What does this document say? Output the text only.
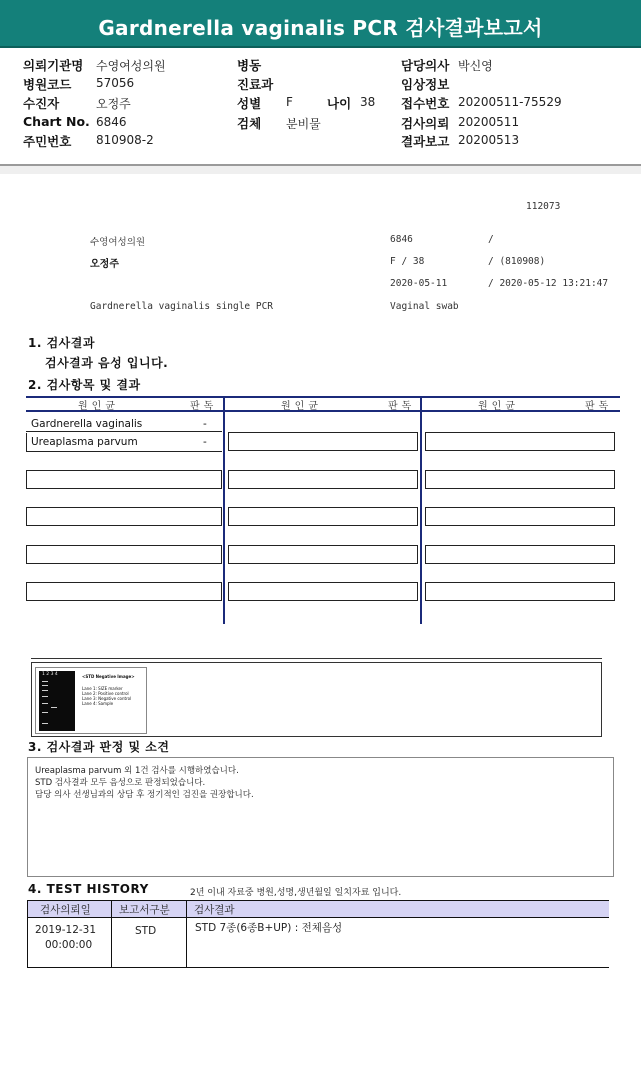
Gardnerella vaginalis PCR 검사결과보고서
의뢰기관명 수영여성의원
병원코드 57056
수진자	오정주
Chart No. 6846
주민번호 810908-2
병동
진료과
성별 F	나이 38
검체 분비물
담당의사 박신영
임상정보
접수번호 20200511-75529
검사의뢰 20200511
결과보고 20200513
112073
수영여성의원	6846	/
오정주	F / 38	/ (810908)
2020-05-11	/ 2020-05-12 13:21:47
Gardnerella vaginalis single PCR	Vaginal swab
1. 검사결과
검사결과 음성 입니다.
2. 검사항목 및 결과
원인균	판독	원인균	판독	원인균	판독
Gardnerella vaginalis	-
Ureaplasma parvum	-
1 2 3 4	<STD Negative Image>
Lane 1: SIZE marker
Lane 2: Positive control
Lane 3: Negative control
Lane 4: Sample
3. 검사결과 판정 및 소견
Ureaplasma parvum 외 1건 검사를 시행하였습니다.
STD 검사결과 모두 음성으로 판정되었습니다.
담당 의사 선생님과의 상담 후 정기적인 검진을 권장합니다.
4. TEST HISTORY	2년 이내 자료중 병원,성명,생년월일 일치자료 입니다.
검사의뢰일	보고서구분 검사결과
2019-12-31
00:00:00
STD	STD 7종(6종B+UP) : 전체음성
